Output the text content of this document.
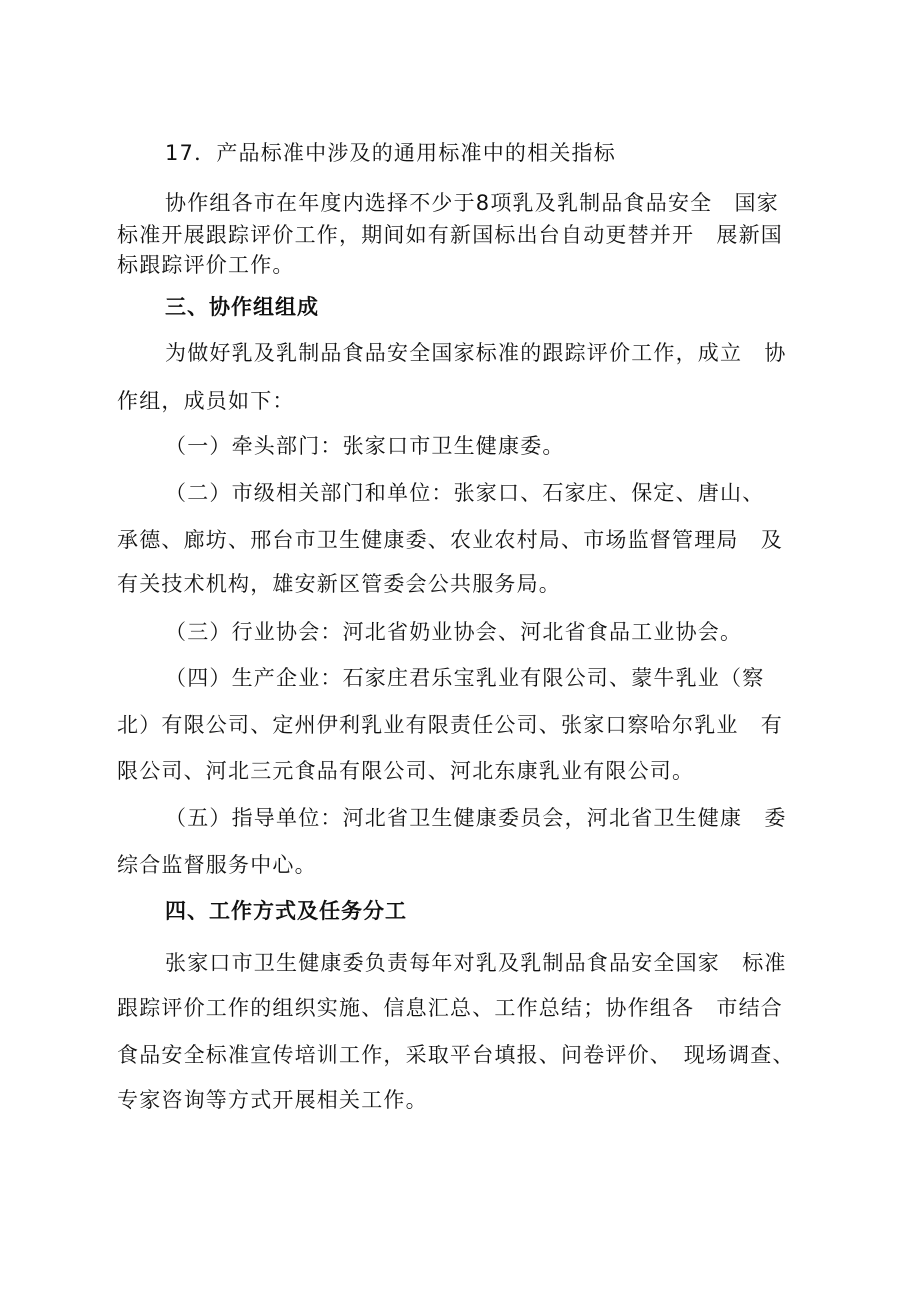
17．产品标准中涉及的通用标准中的相关指标
协作组各市在年度内选择不少于8项乳及乳制品食品安全　国家
标准开展跟踪评价工作，期间如有新国标出台自动更替并开　展新国
标跟踪评价工作。
三、协作组组成
为做好乳及乳制品食品安全国家标准的跟踪评价工作，成立　协
作组，成员如下：
（一）牵头部门：张家口市卫生健康委。
（二）市级相关部门和单位：张家口、石家庄、保定、唐山、
承德、廊坊、邢台市卫生健康委、农业农村局、市场监督管理局　及
有关技术机构，雄安新区管委会公共服务局。
（三）行业协会：河北省奶业协会、河北省食品工业协会。
（四）生产企业：石家庄君乐宝乳业有限公司、蒙牛乳业（察
北）有限公司、定州伊利乳业有限责任公司、张家口察哈尔乳业　有
限公司、河北三元食品有限公司、河北东康乳业有限公司。
（五）指导单位：河北省卫生健康委员会，河北省卫生健康　委
综合监督服务中心。
四、工作方式及任务分工
张家口市卫生健康委负责每年对乳及乳制品食品安全国家　标准
跟踪评价工作的组织实施、信息汇总、工作总结；协作组各　市结合
食品安全标准宣传培训工作，采取平台填报、问卷评价、　现场调查、
专家咨询等方式开展相关工作。
